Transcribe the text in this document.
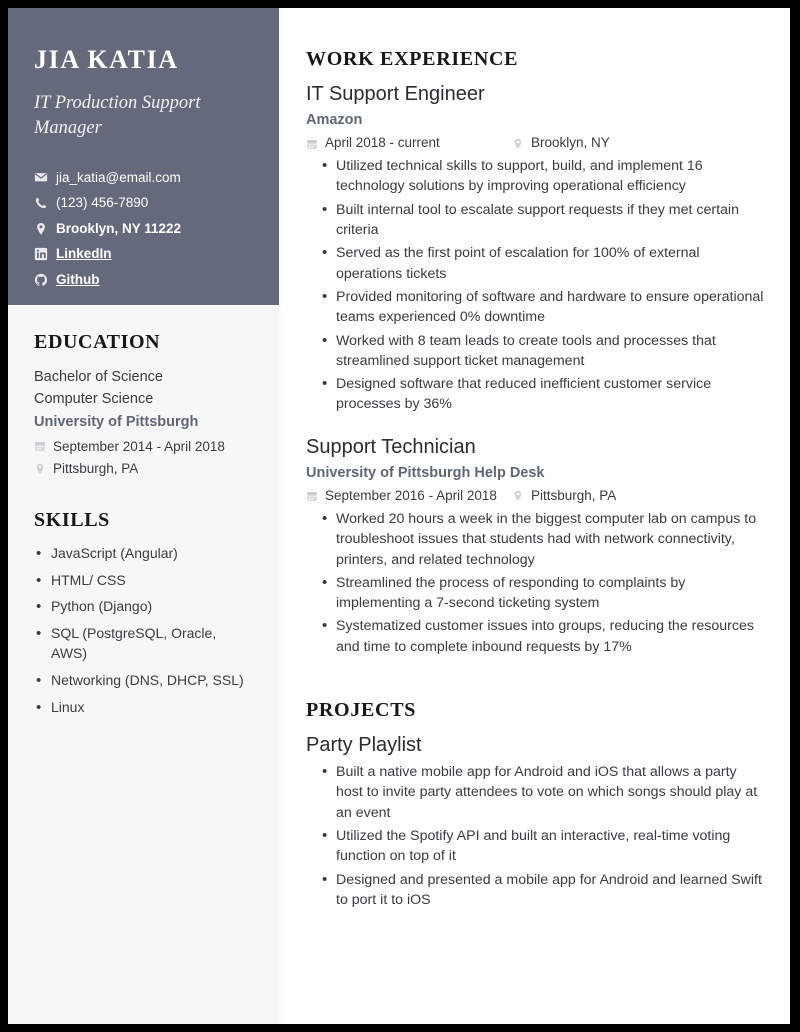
JIA KATIA
IT Production Support Manager
jia_katia@email.com
(123) 456-7890
Brooklyn, NY 11222
LinkedIn
Github
EDUCATION
Bachelor of Science
Computer Science
University of Pittsburgh
September 2014 - April 2018
Pittsburgh, PA
SKILLS
• JavaScript (Angular)
• HTML/ CSS
• Python (Django)
• SQL (PostgreSQL, Oracle, AWS)
• Networking (DNS, DHCP, SSL)
• Linux
WORK EXPERIENCE
IT Support Engineer
Amazon
April 2018 - current	Brooklyn, NY
• Utilized technical skills to support, build, and implement 16 technology solutions by improving operational efficiency
• Built internal tool to escalate support requests if they met certain criteria
• Served as the first point of escalation for 100% of external operations tickets
• Provided monitoring of software and hardware to ensure operational teams experienced 0% downtime
• Worked with 8 team leads to create tools and processes that streamlined support ticket management
• Designed software that reduced inefficient customer service processes by 36%
Support Technician
University of Pittsburgh Help Desk
September 2016 - April 2018	Pittsburgh, PA
• Worked 20 hours a week in the biggest computer lab on campus to troubleshoot issues that students had with network connectivity, printers, and related technology
• Streamlined the process of responding to complaints by implementing a 7-second ticketing system
• Systematized customer issues into groups, reducing the resources and time to complete inbound requests by 17%
PROJECTS
Party Playlist
• Built a native mobile app for Android and iOS that allows a party host to invite party attendees to vote on which songs should play at an event
• Utilized the Spotify API and built an interactive, real-time voting function on top of it
• Designed and presented a mobile app for Android and learned Swift to port it to iOS
